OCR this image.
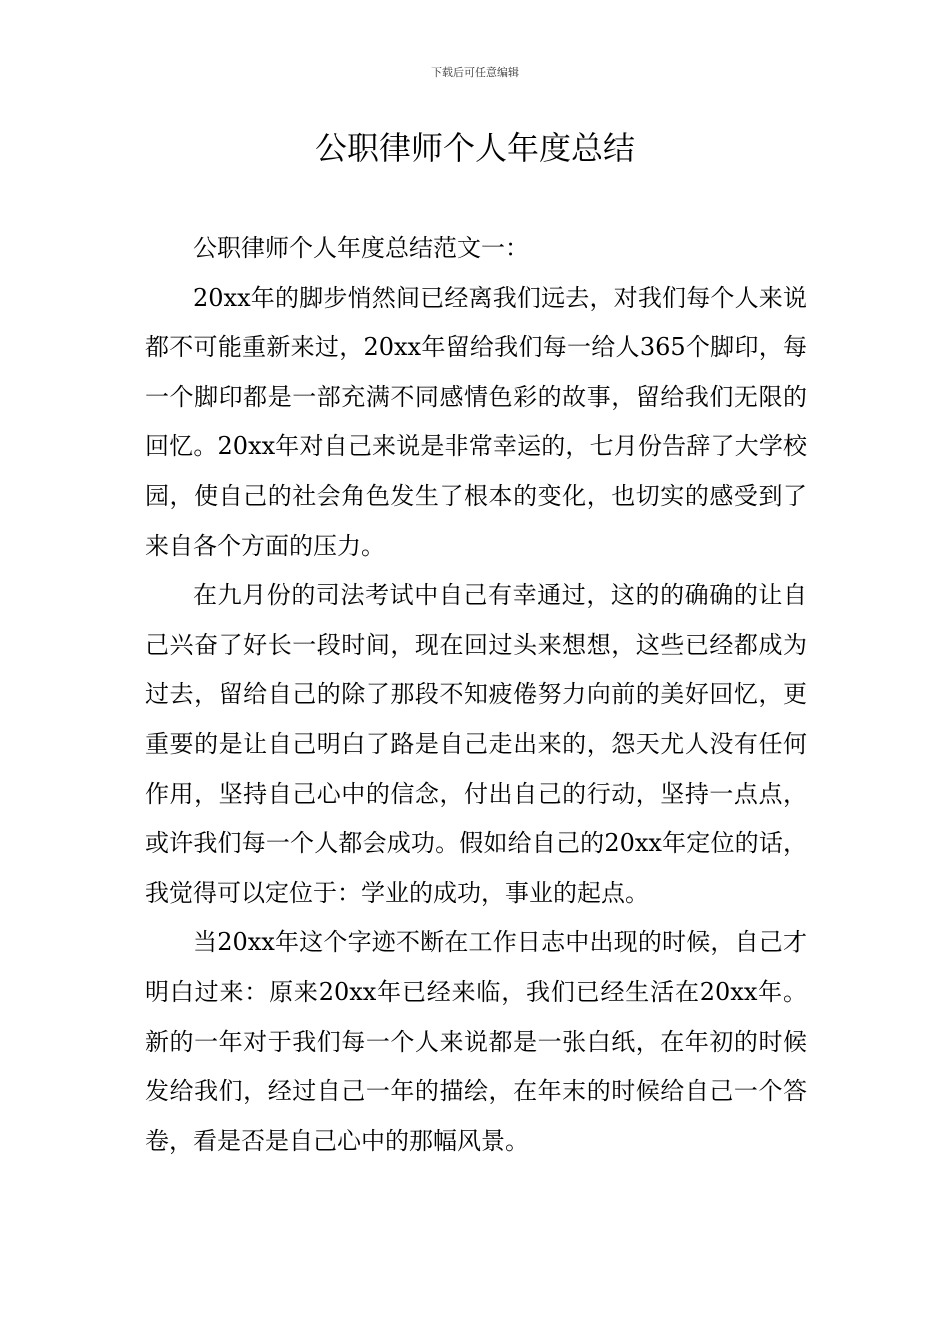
下载后可任意编辑
公职律师个人年度总结

公职律师个人年度总结范文一：

20xx年的脚步悄然间已经离我们远去，对我们每个人来说都不可能重新来过，20xx年留给我们每一给人365个脚印，每一个脚印都是一部充满不同感情色彩的故事，留给我们无限的回忆。20xx年对自己来说是非常幸运的，七月份告辞了大学校园，使自己的社会角色发生了根本的变化，也切实的感受到了来自各个方面的压力。

在九月份的司法考试中自己有幸通过，这的的确确的让自己兴奋了好长一段时间，现在回过头来想想，这些已经都成为过去，留给自己的除了那段不知疲倦努力向前的美好回忆，更重要的是让自己明白了路是自己走出来的，怨天尤人没有任何作用，坚持自己心中的信念，付出自己的行动，坚持一点点，或许我们每一个人都会成功。假如给自己的20xx年定位的话，我觉得可以定位于：学业的成功，事业的起点。

当20xx年这个字迹不断在工作日志中出现的时候，自己才明白过来：原来20xx年已经来临，我们已经生活在20xx年。新的一年对于我们每一个人来说都是一张白纸，在年初的时候发给我们，经过自己一年的描绘，在年末的时候给自己一个答卷，看是否是自己心中的那幅风景。
